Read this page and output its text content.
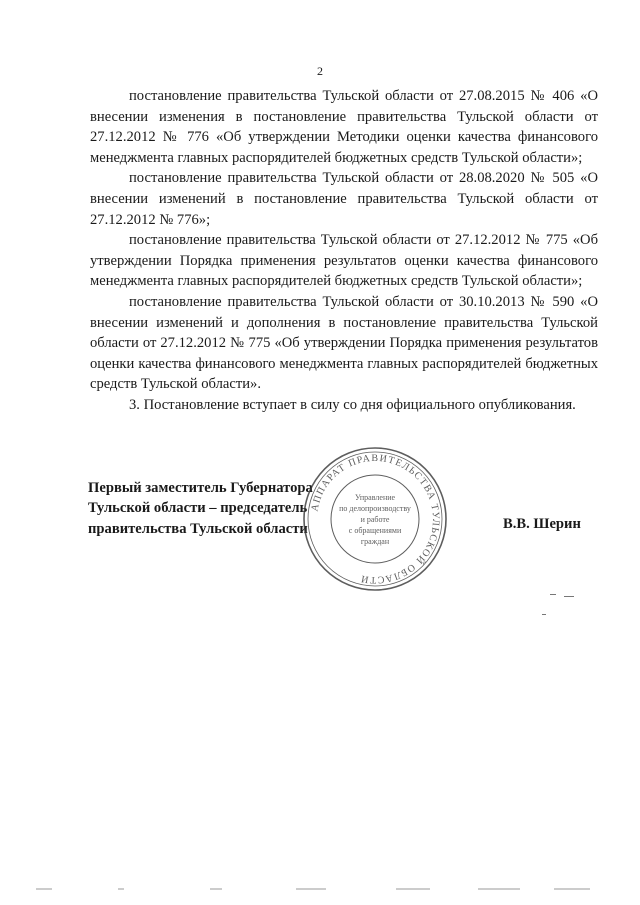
2

постановление правительства Тульской области от 27.08.2015 № 406 «О внесении изменения в постановление правительства Тульской области от 27.12.2012 № 776 «Об утверждении Методики оценки качества финансового менеджмента главных распорядителей бюджетных средств Тульской области»;

постановление правительства Тульской области от 28.08.2020 № 505 «О внесении изменений в постановление правительства Тульской области от 27.12.2012 № 776»;

постановление правительства Тульской области от 27.12.2012 № 775 «Об утверждении Порядка применения результатов оценки качества финансового менеджмента главных распорядителей бюджетных средств Тульской области»;

постановление правительства Тульской области от 30.10.2013 № 590 «О внесении изменений и дополнения в постановление правительства Тульской области от 27.12.2012 № 775 «Об утверждении Порядка применения результатов оценки качества финансового менеджмента главных распорядителей бюджетных средств Тульской области».

3. Постановление вступает в силу со дня официального опубликования.

Первый заместитель Губернатора
Тульской области – председатель
правительства Тульской области	В.В. Шерин
АППАРАТ ПРАВИТЕЛЬСТВА ТУЛЬСКОЙ ОБЛАСТИ
Управление
по делопроизводству
и работе
с обращениями
граждан
